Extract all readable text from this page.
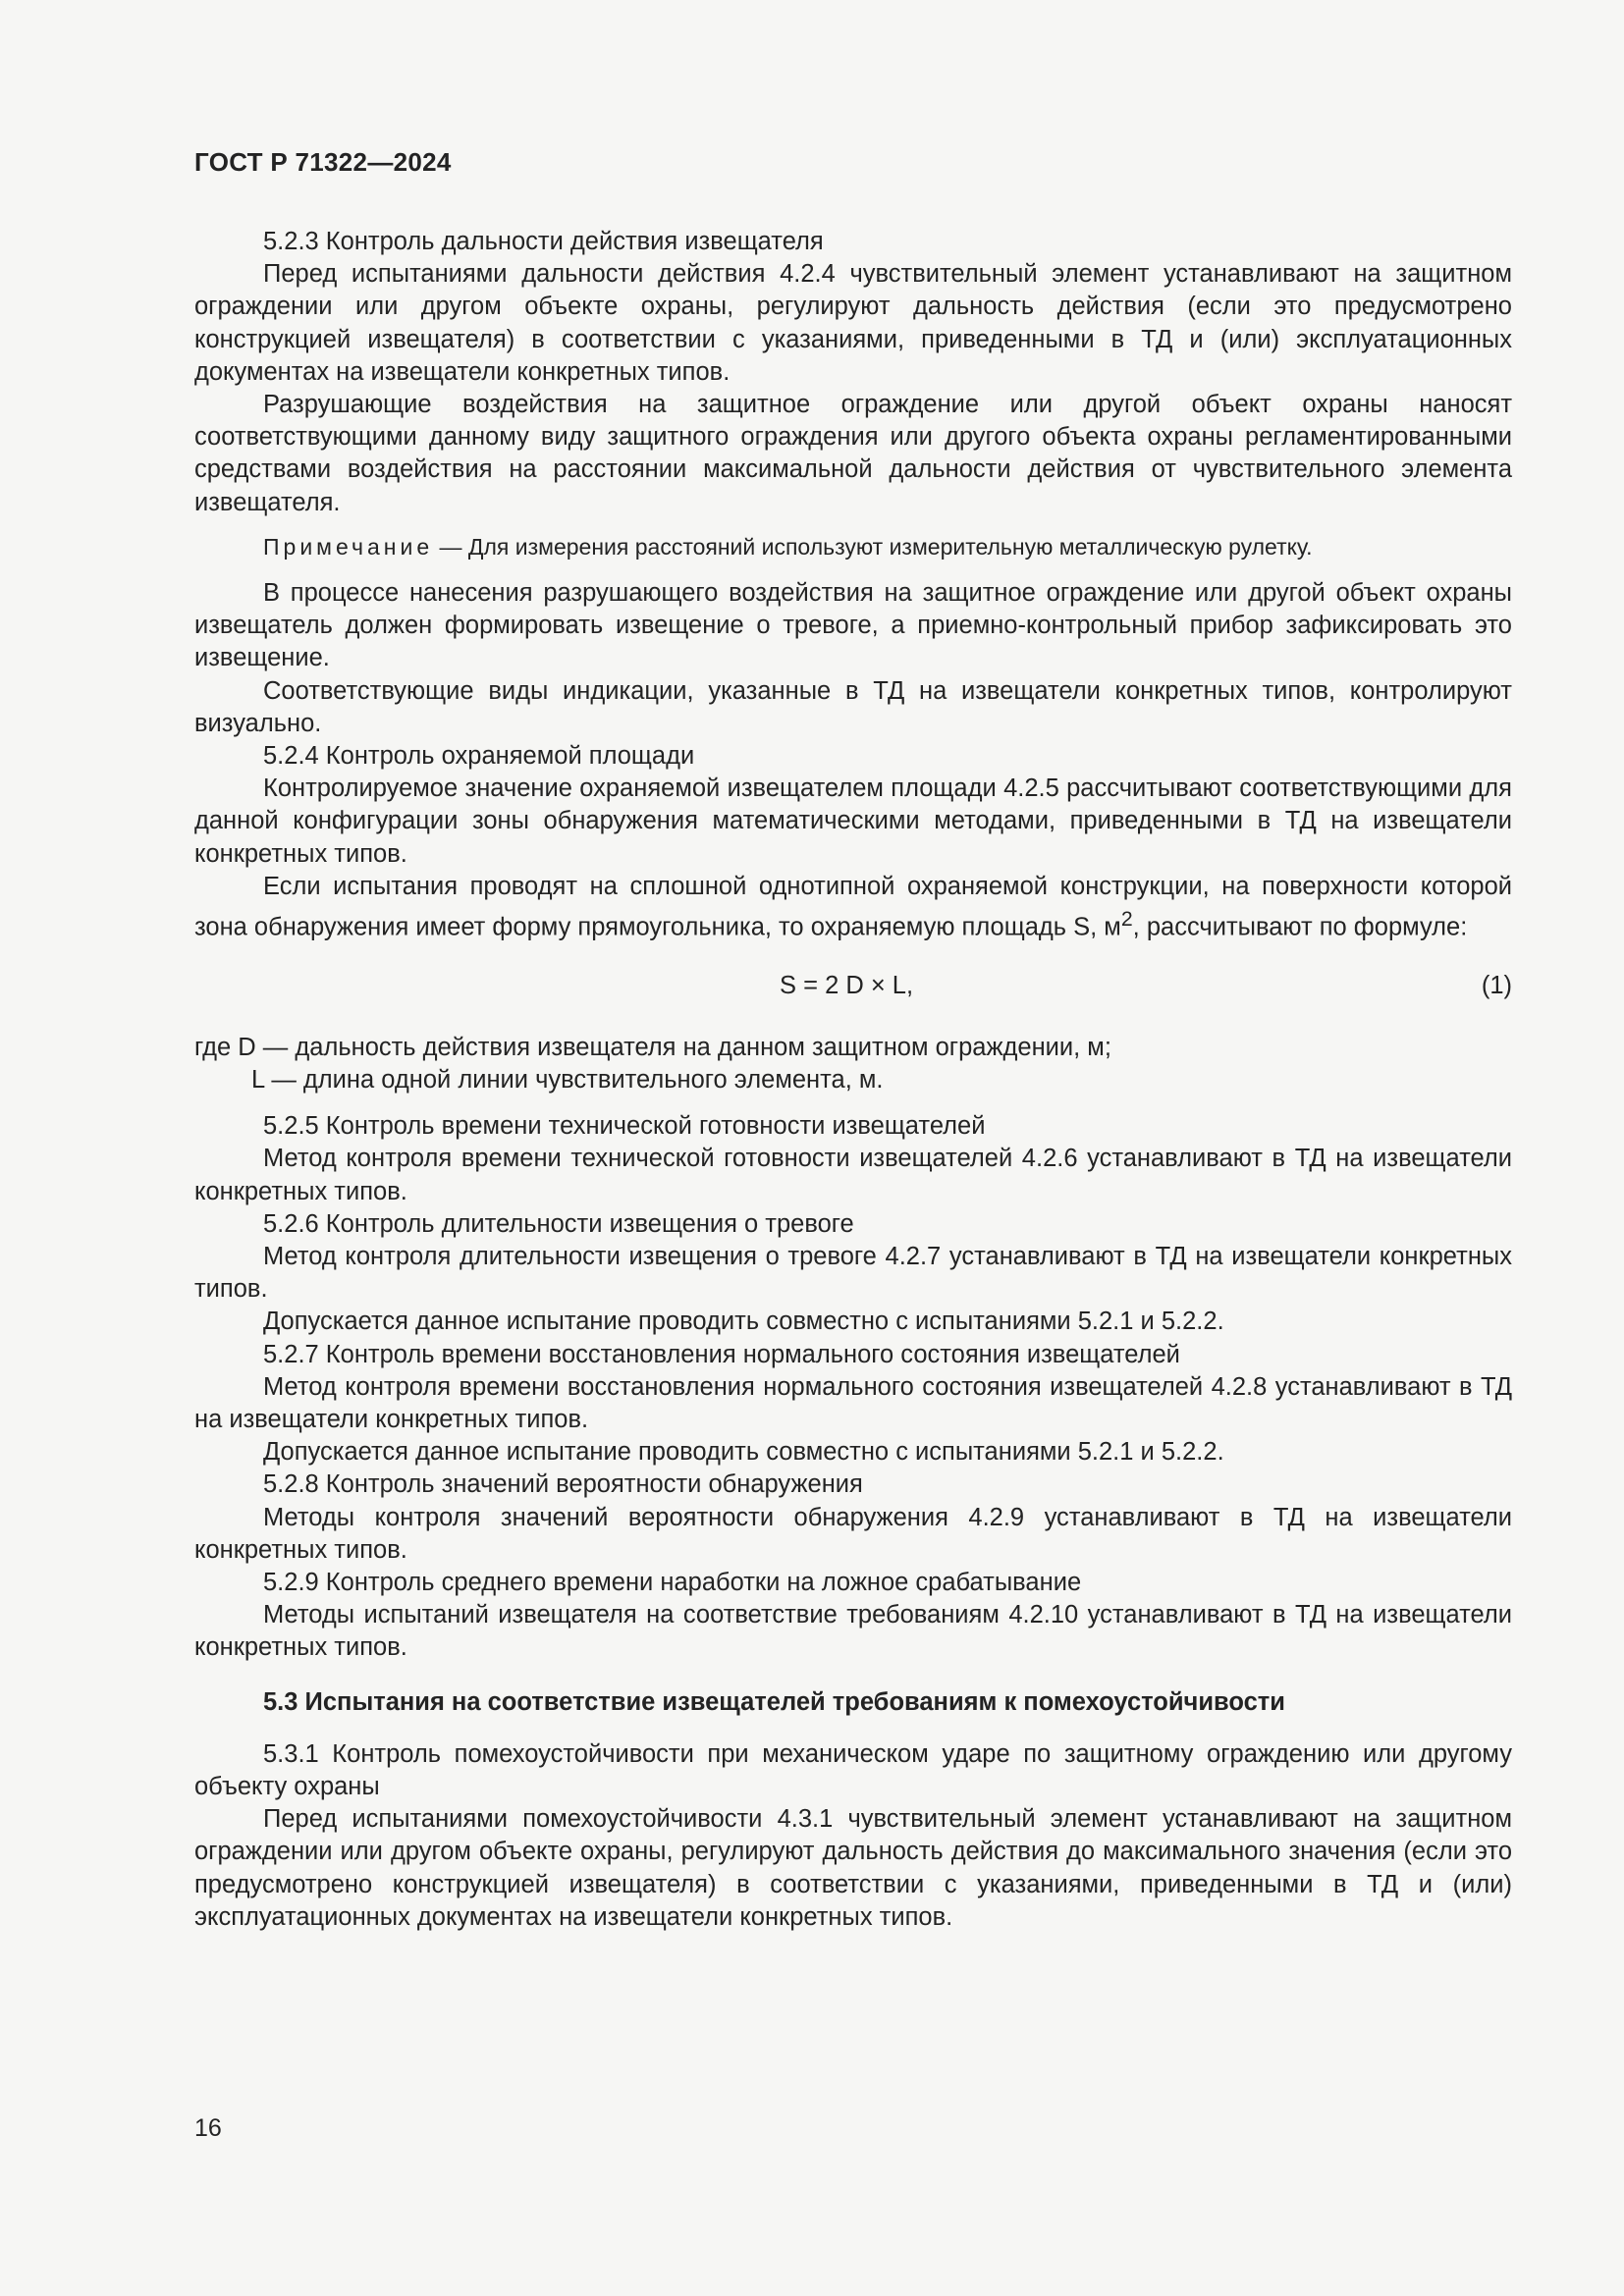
ГОСТ Р 71322—2024

5.2.3 Контроль дальности действия извещателя

Перед испытаниями дальности действия 4.2.4 чувствительный элемент устанавливают на защитном ограждении или другом объекте охраны, регулируют дальность действия (если это предусмотрено конструкцией извещателя) в соответствии с указаниями, приведенными в ТД и (или) эксплуатационных документах на извещатели конкретных типов.

Разрушающие воздействия на защитное ограждение или другой объект охраны наносят соответствующими данному виду защитного ограждения или другого объекта охраны регламентированными средствами воздействия на расстоянии максимальной дальности действия от чувствительного элемента извещателя.

Примечание — Для измерения расстояний используют измерительную металлическую рулетку.

В процессе нанесения разрушающего воздействия на защитное ограждение или другой объект охраны извещатель должен формировать извещение о тревоге, а приемно-контрольный прибор зафиксировать это извещение.

Соответствующие виды индикации, указанные в ТД на извещатели конкретных типов, контролируют визуально.

5.2.4 Контроль охраняемой площади

Контролируемое значение охраняемой извещателем площади 4.2.5 рассчитывают соответствующими для данной конфигурации зоны обнаружения математическими методами, приведенными в ТД на извещатели конкретных типов.

Если испытания проводят на сплошной однотипной охраняемой конструкции, на поверхности которой зона обнаружения имеет форму прямоугольника, то охраняемую площадь S, $м^2$, рассчитывают по формуле:

S = 2 D × L,	(1)

где D — дальность действия извещателя на данном защитном ограждении, м;

L — длина одной линии чувствительного элемента, м.

5.2.5 Контроль времени технической готовности извещателей

Метод контроля времени технической готовности извещателей 4.2.6 устанавливают в ТД на извещатели конкретных типов.

5.2.6 Контроль длительности извещения о тревоге

Метод контроля длительности извещения о тревоге 4.2.7 устанавливают в ТД на извещатели конкретных типов.

Допускается данное испытание проводить совместно с испытаниями 5.2.1 и 5.2.2.

5.2.7 Контроль времени восстановления нормального состояния извещателей

Метод контроля времени восстановления нормального состояния извещателей 4.2.8 устанавливают в ТД на извещатели конкретных типов.

Допускается данное испытание проводить совместно с испытаниями 5.2.1 и 5.2.2.

5.2.8 Контроль значений вероятности обнаружения

Методы контроля значений вероятности обнаружения 4.2.9 устанавливают в ТД на извещатели конкретных типов.

5.2.9 Контроль среднего времени наработки на ложное срабатывание

Методы испытаний извещателя на соответствие требованиям 4.2.10 устанавливают в ТД на извещатели конкретных типов.

5.3 Испытания на соответствие извещателей требованиям к помехоустойчивости

5.3.1 Контроль помехоустойчивости при механическом ударе по защитному ограждению или другому объекту охраны

Перед испытаниями помехоустойчивости 4.3.1 чувствительный элемент устанавливают на защитном ограждении или другом объекте охраны, регулируют дальность действия до максимального значения (если это предусмотрено конструкцией извещателя) в соответствии с указаниями, приведенными в ТД и (или) эксплуатационных документах на извещатели конкретных типов.

16
